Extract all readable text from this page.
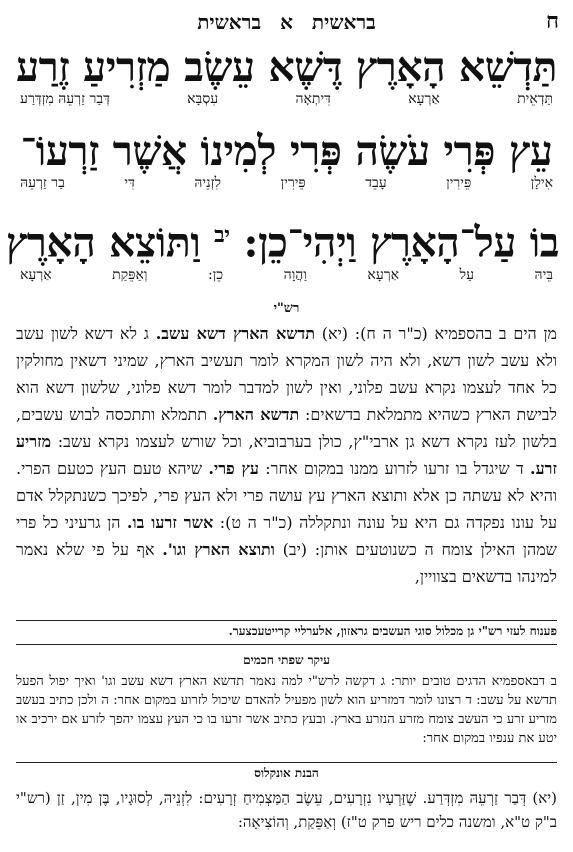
ח
בראשית א בראשית
תַּדְשֵׁא הָאָרֶץ דֶּשֶׁא עֵשֶׂב מַזְרִיעַ זֶרַע
תַּדְאֵית
אַרְעָא
דִּיתְאָה
עִסְבָּא
דְּבַר זַרְעֵהּ מִזְדְּרַע
עֵץ פְּרִי עֹשֶׂה פְּרִי לְמִינוֹ אֲשֶׁר זַרְעוֹ־
אִילָן
פֵּירִין
עָבֵד
פֵּירִין
לִזְנֵיהּ
דִּי
בַר זַרְעֵהּ
בוֹ עַל־הָאָרֶץ וַיְהִי־כֵן: $^{יב}$ וַתּוֹצֵא הָאָרֶץ
בֵּיהּ
עַל
אַרְעָא
וַהֲוָה
כֵן:
וְאַפֵּקַת
אַרְעָא
רש"י
מן הים ב בהספמיא (כ"ר ה ח): (יא) תדשא הארץ דשא עשב. ג לא דשא לשון עשב ולא עשב לשון דשא, ולא היה לשון המקרא לומר תעשיב הארץ, שמיני דשאין מחולקין כל אחד לעצמו נקרא עשב פלוני, ואין לשון למדבר לומר דשא פלוני, שלשון דשא הוא לבישת הארץ כשהיא מתמלאת בדשאים: תדשא הארץ. תתמלא ותתכסה לבוש עשבים, בלשון לעז נקרא דשא גן ארבי"ץ, כולן בערבוביא, וכל שורש לעצמו נקרא עשב: מזריע זרע. ד שיגדל בו זרעו לזרוע ממנו במקום אחר: עץ פרי. שיהא טעם העץ כטעם הפרי. והיא לא עשתה כן אלא ותוצא הארץ עץ עושה פרי ולא העץ פרי, לפיכך כשנתקלל אדם על עונו נפקדה גם היא על עונה ונתקללה (כ"ר ה ט): אשר זרעו בו. הן גרעיני כל פרי שמהן האילן צומח ה כשנוטעים אותן: (יב) ותוצא הארץ וגו'. אף על פי שלא נאמר למינהו בדשאים בצוויין,
פענוח לעזי רש"י גן מכלול סוגי העשבים גראזון, אלערליי קרייטעכצער.
עיקר שפתי חכמים
ב דבאספמיא הדגים טובים יותר: ג דקשה לרש"י למה נאמר תדשא הארץ דשא עשב וגו' ואיך יפול הפעל תדשא על עשב: ד רצונו לומר דמזריע הוא לשון מפעיל להאדם שיכול לזרוע במקום אחר: ה ולכן כתיב בעשב מזריע זרע כי העשב צומח מזרע הנזרע בארץ. ובעץ כתיב אשר זרעו בו כי העץ עצמו יהפך לזרע אם ירכיב או יטע את ענפיו במקום אחר:
הבנת אונקלוס
(יא) דְּבַר זַרְעֵהּ מִזְדְּרַע. שֶׁזַּרְעָיו נִזְרָעִים, עֵשֶׂב הַמַּצְמִיחַ זְרָעִים: לִזְנֵיהּ, לְסוּגָיו, בֶּן מִין, זַן (רש"י ב"ק ט"א, ומשנה כלים ריש פרק ט"ז) וְאַפֵּקַת, וְהוֹצִיאָה:
